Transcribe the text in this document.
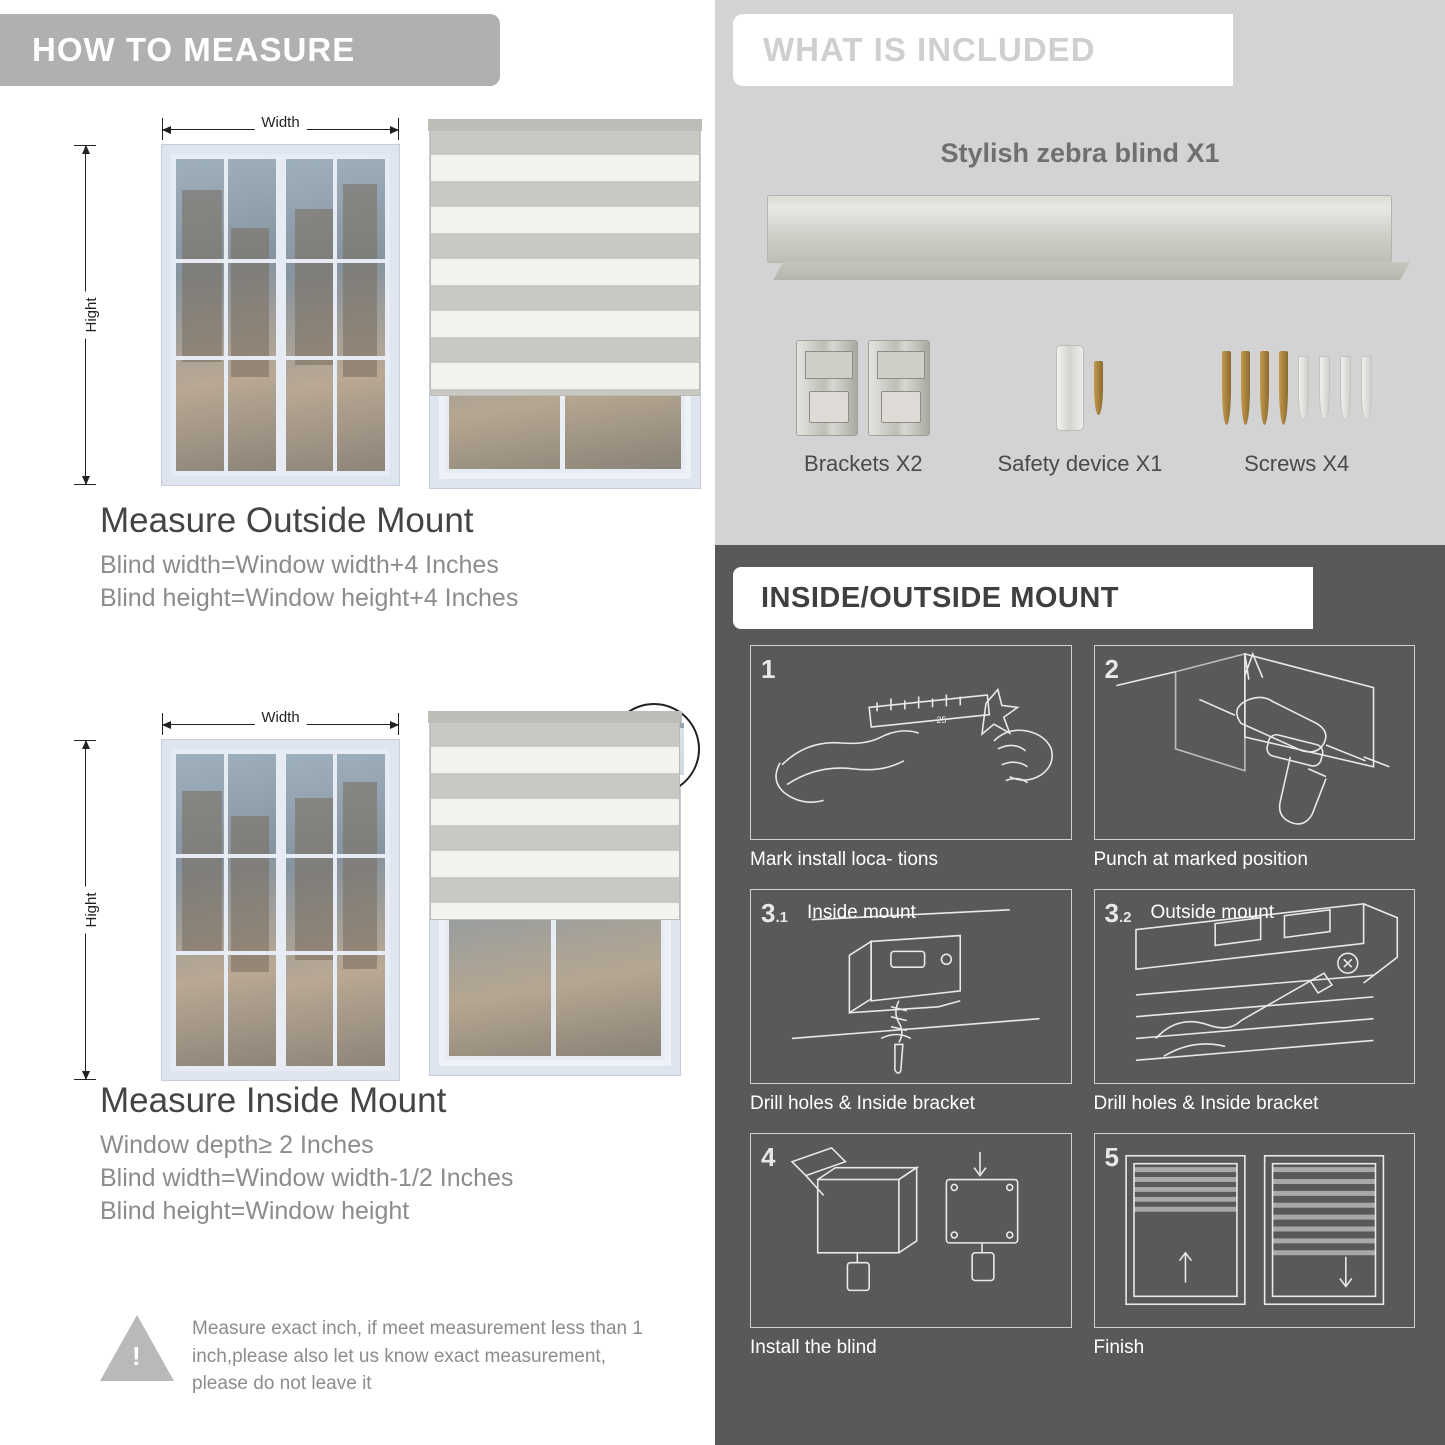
HOW TO MEASURE
Width
Hight
Measure Outside Mount
Blind width=Window width+4 Inches
Blind height=Window height+4 Inches
Width
Hight
Measure Inside Mount
Window depth≥ 2 Inches
Blind width=Window width-1/2 Inches
Blind height=Window height
!
Measure exact inch, if meet measurement less than 1 inch,please also let us know exact measurement, please do not leave it
WHAT IS INCLUDED
Stylish zebra blind X1
Brackets X2	Safety device X1	Screws X4
INSIDE/OUTSIDE MOUNT
1
25
Mark install loca- tions
2
Punch at marked position
3.1 Inside mount
Drill holes & Inside bracket
3.2 Outside mount
Drill holes & Inside bracket
4
Install the blind
5
Finish
